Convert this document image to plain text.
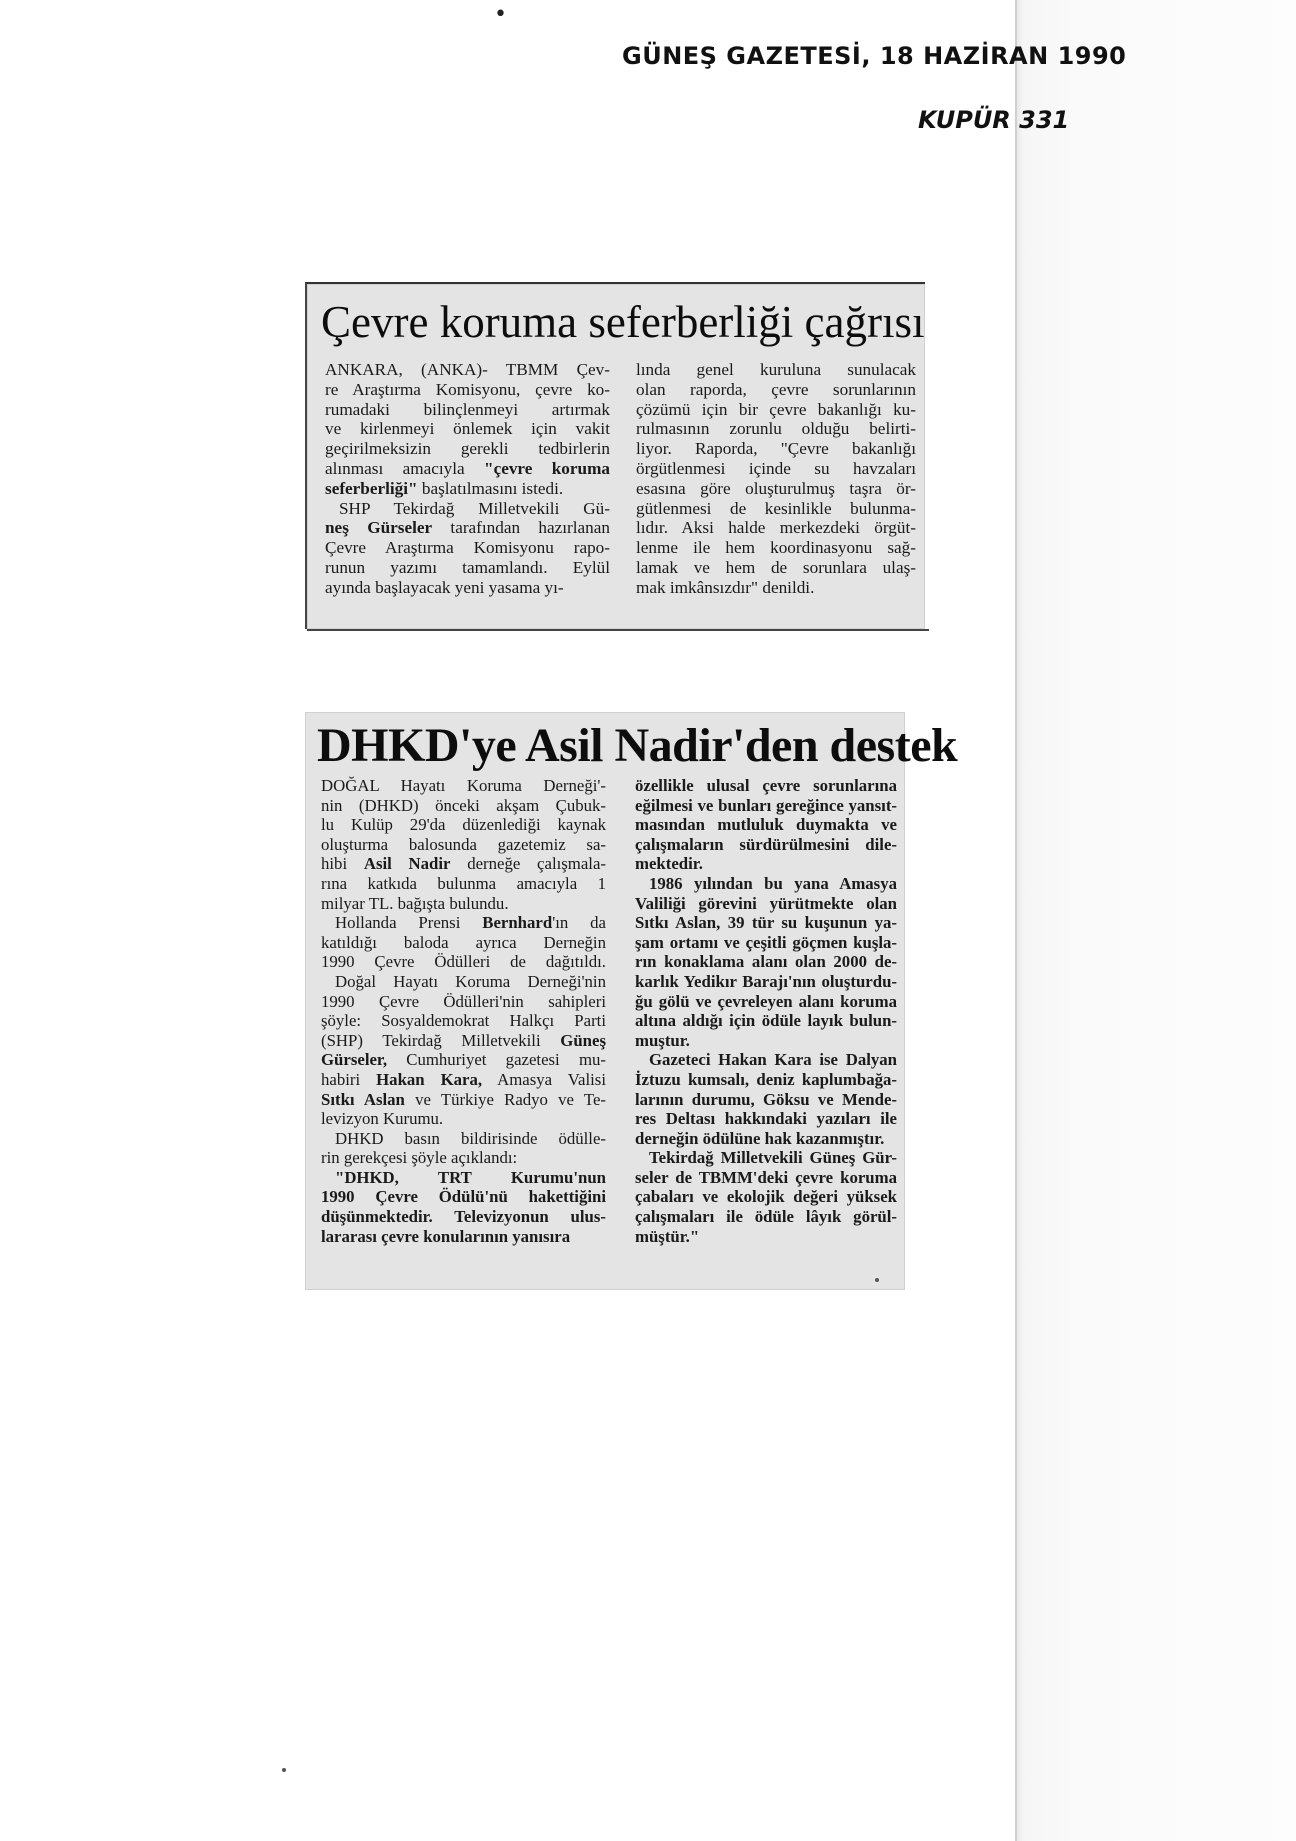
•
GÜNEŞ GAZETESİ, 18 HAZİRAN 1990
KUPÜR 331
Çevre koruma seferberliği çağrısı
ANKARA, (ANKA)- TBMM Çev-
re Araştırma Komisyonu, çevre ko-
rumadaki bilinçlenmeyi artırmak
ve kirlenmeyi önlemek için vakit
geçirilmeksizin gerekli tedbirlerin
alınması amacıyla "çevre koruma
seferberliği" başlatılmasını istedi.
SHP Tekirdağ Milletvekili Gü-
neş Gürseler tarafından hazırlanan
Çevre Araştırma Komisyonu rapo-
runun yazımı tamamlandı. Eylül
ayında başlayacak yeni yasama yı-
lında genel kuruluna sunulacak
olan raporda, çevre sorunlarının
çözümü için bir çevre bakanlığı ku-
rulmasının zorunlu olduğu belirti-
liyor. Raporda, "Çevre bakanlığı
örgütlenmesi içinde su havzaları
esasına göre oluşturulmuş taşra ör-
gütlenmesi de kesinlikle bulunma-
lıdır. Aksi halde merkezdeki örgüt-
lenme ile hem koordinasyonu sağ-
lamak ve hem de sorunlara ulaş-
mak imkânsızdır" denildi.
DHKD'ye Asil Nadir'den destek
DOĞAL Hayatı Koruma Derneği'-
nin (DHKD) önceki akşam Çubuk-
lu Kulüp 29'da düzenlediği kaynak
oluşturma balosunda gazetemiz sa-
hibi Asil Nadir derneğe çalışmala-
rına katkıda bulunma amacıyla 1
milyar TL. bağışta bulundu.
Hollanda Prensi Bernhard'ın da
katıldığı baloda ayrıca Derneğin
1990 Çevre Ödülleri de dağıtıldı.
Doğal Hayatı Koruma Derneği'nin
1990 Çevre Ödülleri'nin sahipleri
şöyle: Sosyaldemokrat Halkçı Parti
(SHP) Tekirdağ Milletvekili Güneş
Gürseler, Cumhuriyet gazetesi mu-
habiri Hakan Kara, Amasya Valisi
Sıtkı Aslan ve Türkiye Radyo ve Te-
levizyon Kurumu.
DHKD basın bildirisinde ödülle-
rin gerekçesi şöyle açıklandı:
"DHKD, TRT Kurumu'nun
1990 Çevre Ödülü'nü hakettiğini
düşünmektedir. Televizyonun ulus-
lararası çevre konularının yanısıra
özellikle ulusal çevre sorunlarına
eğilmesi ve bunları gereğince yansıt-
masından mutluluk duymakta ve
çalışmaların sürdürülmesini dile-
mektedir.
1986 yılından bu yana Amasya
Valiliği görevini yürütmekte olan
Sıtkı Aslan, 39 tür su kuşunun ya-
şam ortamı ve çeşitli göçmen kuşla-
rın konaklama alanı olan 2000 de-
karlık Yedikır Barajı'nın oluşturdu-
ğu gölü ve çevreleyen alanı koruma
altına aldığı için ödüle layık bulun-
muştur.
Gazeteci Hakan Kara ise Dalyan
İztuzu kumsalı, deniz kaplumbağa-
larının durumu, Göksu ve Mende-
res Deltası hakkındaki yazıları ile
derneğin ödülüne hak kazanmıştır.
Tekirdağ Milletvekili Güneş Gür-
seler de TBMM'deki çevre koruma
çabaları ve ekolojik değeri yüksek
çalışmaları ile ödüle lâyık görül-
müştür."
